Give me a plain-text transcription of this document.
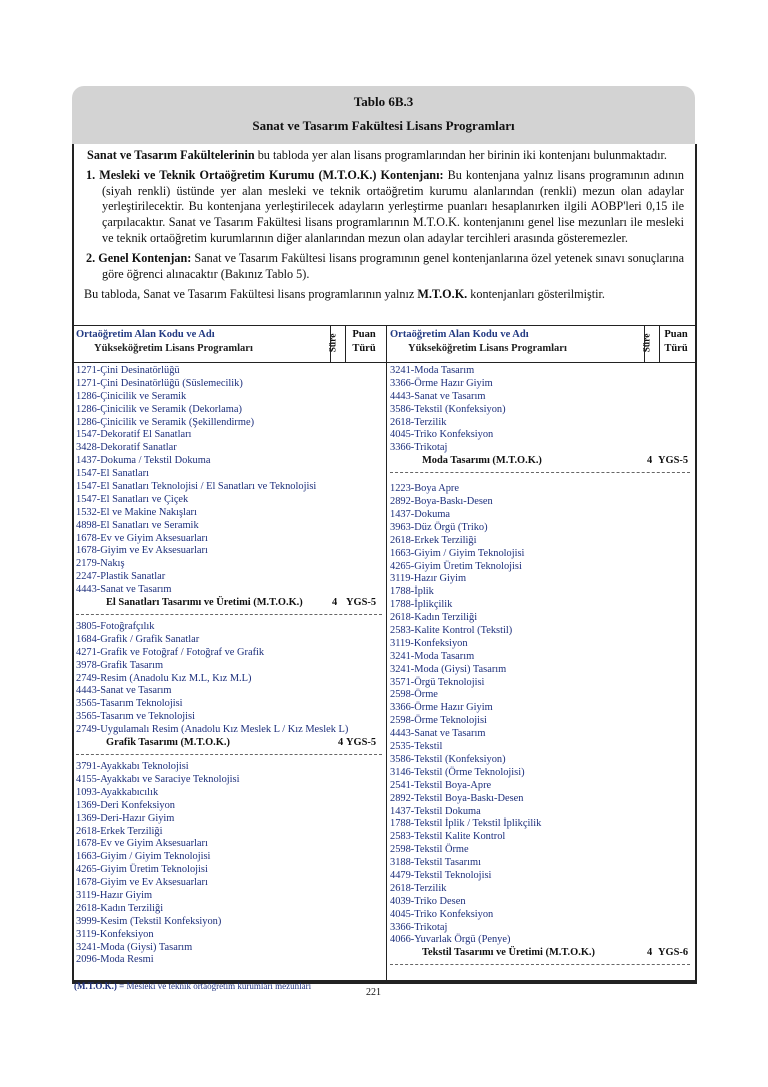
Tablo 6B.3
Sanat ve Tasarım Fakültesi Lisans Programları

Sanat ve Tasarım Fakültelerinin bu tabloda yer alan lisans programlarından her birinin iki kontenjanı bulunmaktadır.

1. Mesleki ve Teknik Ortaöğretim Kurumu (M.T.O.K.) Kontenjanı: Bu kontenjana yalnız lisans programının adının (siyah renkli) üstünde yer alan mesleki ve teknik ortaöğretim kurumu alanlarından (renkli) mezun olan adaylar yerleştirilecektir. Bu kontenjana yerleştirilecek adayların yerleştirme puanları hesaplanırken ilgili AOBP'leri 0,15 ile çarpılacaktır. Sanat ve Tasarım Fakültesi lisans programlarının M.T.O.K. kontenjanını genel lise mezunları ile mesleki ve teknik ortaöğretim kurumlarının diğer alanlarından mezun olan adaylar tercihleri arasında gösteremezler.

2. Genel Kontenjan: Sanat ve Tasarım Fakültesi lisans programının genel kontenjanlarına özel yetenek sınavı sonuçlarına göre öğrenci alınacaktır (Bakınız Tablo 5).

Bu tabloda, Sanat ve Tasarım Fakültesi lisans programlarının yalnız M.T.O.K. kontenjanları gösterilmiştir.

Ortaöğretim Alan Kodu ve Adı
Yükseköğretim Lisans Programları	Süre	Puan
Türü
Ortaöğretim Alan Kodu ve Adı
Yükseköğretim Lisans Programları	Süre	Puan
Türü
1271-Çini Desinatörlüğü
1271-Çini Desinatörlüğü (Süslemecilik)
1286-Çinicilik ve Seramik
1286-Çinicilik ve Seramik (Dekorlama)
1286-Çinicilik ve Seramik (Şekillendirme)
1547-Dekoratif El Sanatları
3428-Dekoratif Sanatlar
1437-Dokuma / Tekstil Dokuma
1547-El Sanatları
1547-El Sanatları Teknolojisi / El Sanatları ve Teknolojisi
1547-El Sanatları ve Çiçek
1532-El ve Makine Nakışları
4898-El Sanatları ve Seramik
1678-Ev ve Giyim Aksesuarları
1678-Giyim ve Ev Aksesuarları
2179-Nakış
2247-Plastik Sanatlar
4443-Sanat ve Tasarım
El Sanatları Tasarımı ve Üretimi (M.T.O.K.)	4 YGS-5
3805-Fotoğrafçılık
1684-Grafik / Grafik Sanatlar
4271-Grafik ve Fotoğraf / Fotoğraf ve Grafik
3978-Grafik Tasarım
2749-Resim (Anadolu Kız M.L, Kız M.L)
4443-Sanat ve Tasarım
3565-Tasarım Teknolojisi
3565-Tasarım ve Teknolojisi
2749-Uygulamalı Resim (Anadolu Kız Meslek L / Kız Meslek L)
Grafik Tasarımı (M.T.O.K.)	4 YGS-5
3791-Ayakkabı Teknolojisi
4155-Ayakkabı ve Saraciye Teknolojisi
1093-Ayakkabıcılık
1369-Deri Konfeksiyon
1369-Deri-Hazır Giyim
2618-Erkek Terziliği
1678-Ev ve Giyim Aksesuarları
1663-Giyim / Giyim Teknolojisi
4265-Giyim Üretim Teknolojisi
1678-Giyim ve Ev Aksesuarları
3119-Hazır Giyim
2618-Kadın Terziliği
3999-Kesim (Tekstil Konfeksiyon)
3119-Konfeksiyon
3241-Moda (Giysi) Tasarım
2096-Moda Resmi
3241-Moda Tasarım
3366-Örme Hazır Giyim
4443-Sanat ve Tasarım
3586-Tekstil (Konfeksiyon)
2618-Terzilik
4045-Triko Konfeksiyon
3366-Trikotaj
Moda Tasarımı (M.T.O.K.)	4 YGS-5
1223-Boya Apre
2892-Boya-Baskı-Desen
1437-Dokuma
3963-Düz Örgü (Triko)
2618-Erkek Terziliği
1663-Giyim / Giyim Teknolojisi
4265-Giyim Üretim Teknolojisi
3119-Hazır Giyim
1788-İplik
1788-İplikçilik
2618-Kadın Terziliği
2583-Kalite Kontrol (Tekstil)
3119-Konfeksiyon
3241-Moda Tasarım
3241-Moda (Giysi) Tasarım
3571-Örgü Teknolojisi
2598-Örme
3366-Örme Hazır Giyim
2598-Örme Teknolojisi
4443-Sanat ve Tasarım
2535-Tekstil
3586-Tekstil (Konfeksiyon)
3146-Tekstil (Örme Teknolojisi)
2541-Tekstil Boya-Apre
2892-Tekstil Boya-Baskı-Desen
1437-Tekstil Dokuma
1788-Tekstil İplik / Tekstil İplikçilik
2583-Tekstil Kalite Kontrol
2598-Tekstil Örme
3188-Tekstil Tasarımı
4479-Tekstil Teknolojisi
2618-Terzilik
4039-Triko Desen
4045-Triko Konfeksiyon
3366-Trikotaj
4066-Yuvarlak Örgü (Penye)
Tekstil Tasarımı ve Üretimi (M.T.O.K.)	4 YGS-6
(M.T.O.K.) = Mesleki ve teknik ortaöğretim kurumları mezunları
221
